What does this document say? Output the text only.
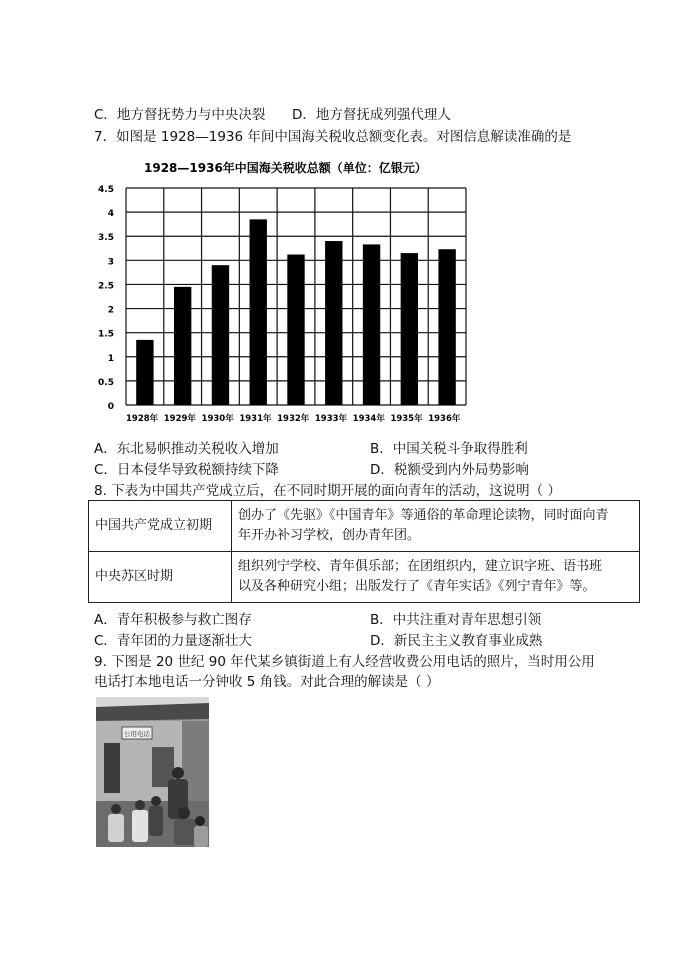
C．地方督抚势力与中央决裂 D．地方督抚成列强代理人
7．如图是 1928—1936 年间中国海关税收总额变化表。对图信息解读准确的是
1928—1936年中国海关税收总额（单位：亿银元）
0
0.5
1
1.5
2
2.5
3
3.5
4
4.5
1928年 1929年 1930年 1931年 1932年 1933年 1934年 1935年 1936年
A．东北易帜推动关税收入增加	B．中国关税斗争取得胜利
C．日本侵华导致税额持续下降	D．税额受到内外局势影响
8. 下表为中国共产党成立后，在不同时期开展的面向青年的活动，这说明（ ）
中国共产党成立初期	创办了《先驱》《中国青年》等通俗的革命理论读物，同时面向青
年开办补习学校，创办青年团。

中央苏区时期	组织列宁学校、青年俱乐部；在团组织内，建立识字班、语书班
以及各种研究小组；出版发行了《青年实话》《列宁青年》等。
A．青年积极参与救亡图存	B．中共注重对青年思想引领
C．青年团的力量逐渐壮大	D．新民主主义教育事业成熟
9. 下图是 20 世纪 90 年代某乡镇街道上有人经营收费公用电话的照片，当时用公用
电话打本地电话一分钟收 5 角钱。对此合理的解读是（ ）
公用电话
